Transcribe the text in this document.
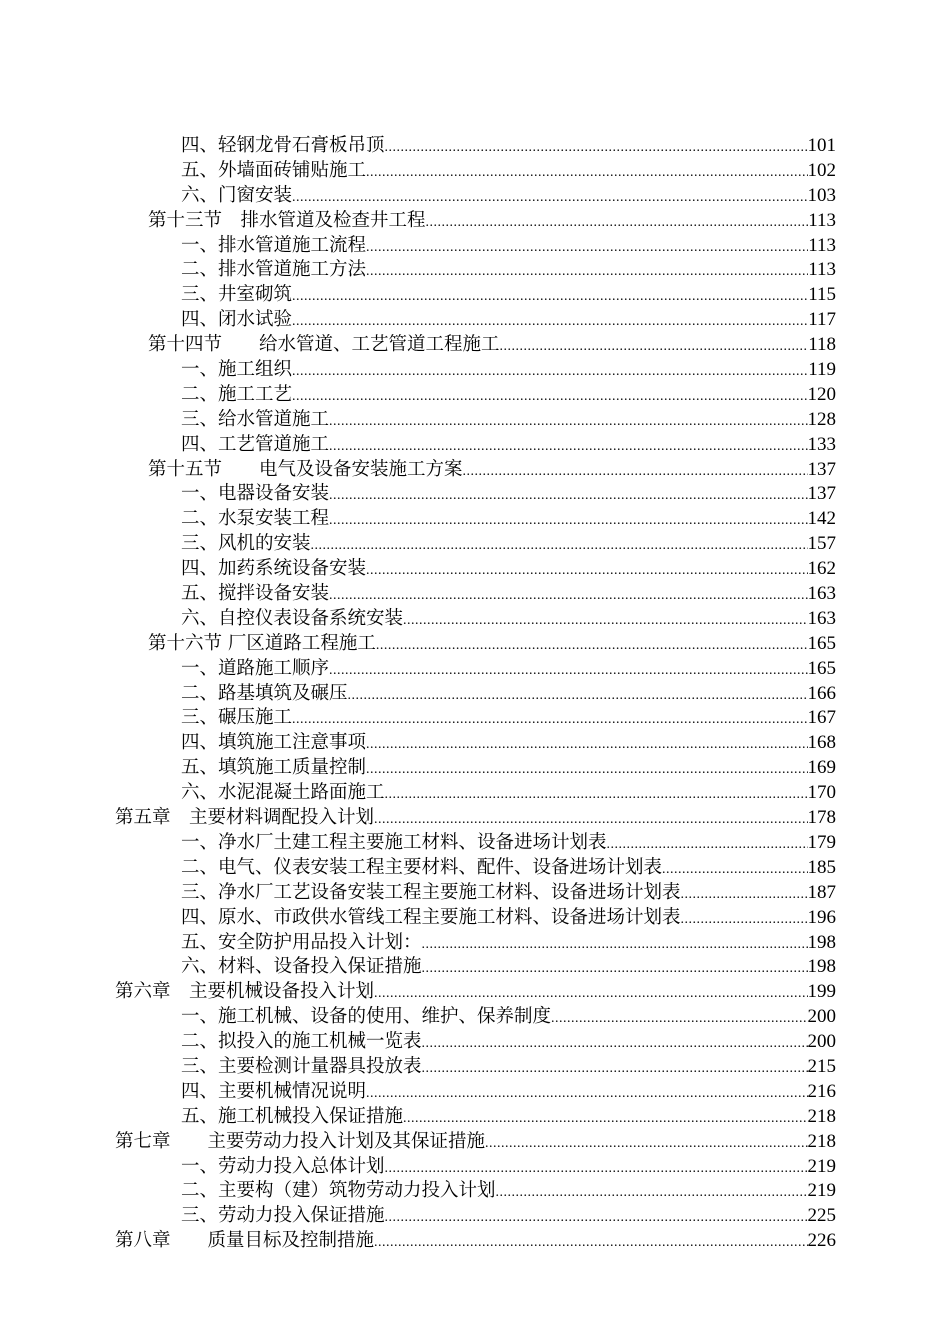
四、轻钢龙骨石膏板吊顶 .....	101
五、外墙面砖铺贴施工 .....	102
六、门窗安装 .....	103
第十三节　排水管道及检查井工程 .....	113
一、排水管道施工流程 .....	113
二、排水管道施工方法 .....	113
三、井室砌筑 .....	115
四、闭水试验 .....	117
第十四节　　给水管道、工艺管道工程施工 .....	118
一、施工组织 .....	119
二、施工工艺 .....	120
三、给水管道施工 .....	128
四、工艺管道施工 .....	133
第十五节　　电气及设备安装施工方案 .....	137
一、电器设备安装 .....	137
二、水泵安装工程 .....	142
三、风机的安装 .....	157
四、加药系统设备安装 .....	162
五、搅拌设备安装 .....	163
六、自控仪表设备系统安装 .....	163
第十六节 厂区道路工程施工 .....	165
一、道路施工顺序 .....	165
二、路基填筑及碾压 .....	166
三、碾压施工 .....	167
四、填筑施工注意事项 .....	168
五、填筑施工质量控制 .....	169
六、水泥混凝土路面施工 .....	170
第五章　主要材料调配投入计划 .....	178
一、净水厂土建工程主要施工材料、设备进场计划表 .....	179
二、电气、仪表安装工程主要材料、配件、设备进场计划表 .....	185
三、净水厂工艺设备安装工程主要施工材料、设备进场计划表 .....	187
四、原水、市政供水管线工程主要施工材料、设备进场计划表 .....	196
五、安全防护用品投入计划： .....	198
六、材料、设备投入保证措施 .....	198
第六章　主要机械设备投入计划 .....	199
一、施工机械、设备的使用、维护、保养制度 .....	200
二、拟投入的施工机械一览表 .....	200
三、主要检测计量器具投放表 .....	215
四、主要机械情况说明 .....	216
五、施工机械投入保证措施 .....	218
第七章　　主要劳动力投入计划及其保证措施 .....	218
一、劳动力投入总体计划 .....	219
二、主要构（建）筑物劳动力投入计划 .....	219
三、劳动力投入保证措施 .....	225
第八章　　质量目标及控制措施 .....	226
